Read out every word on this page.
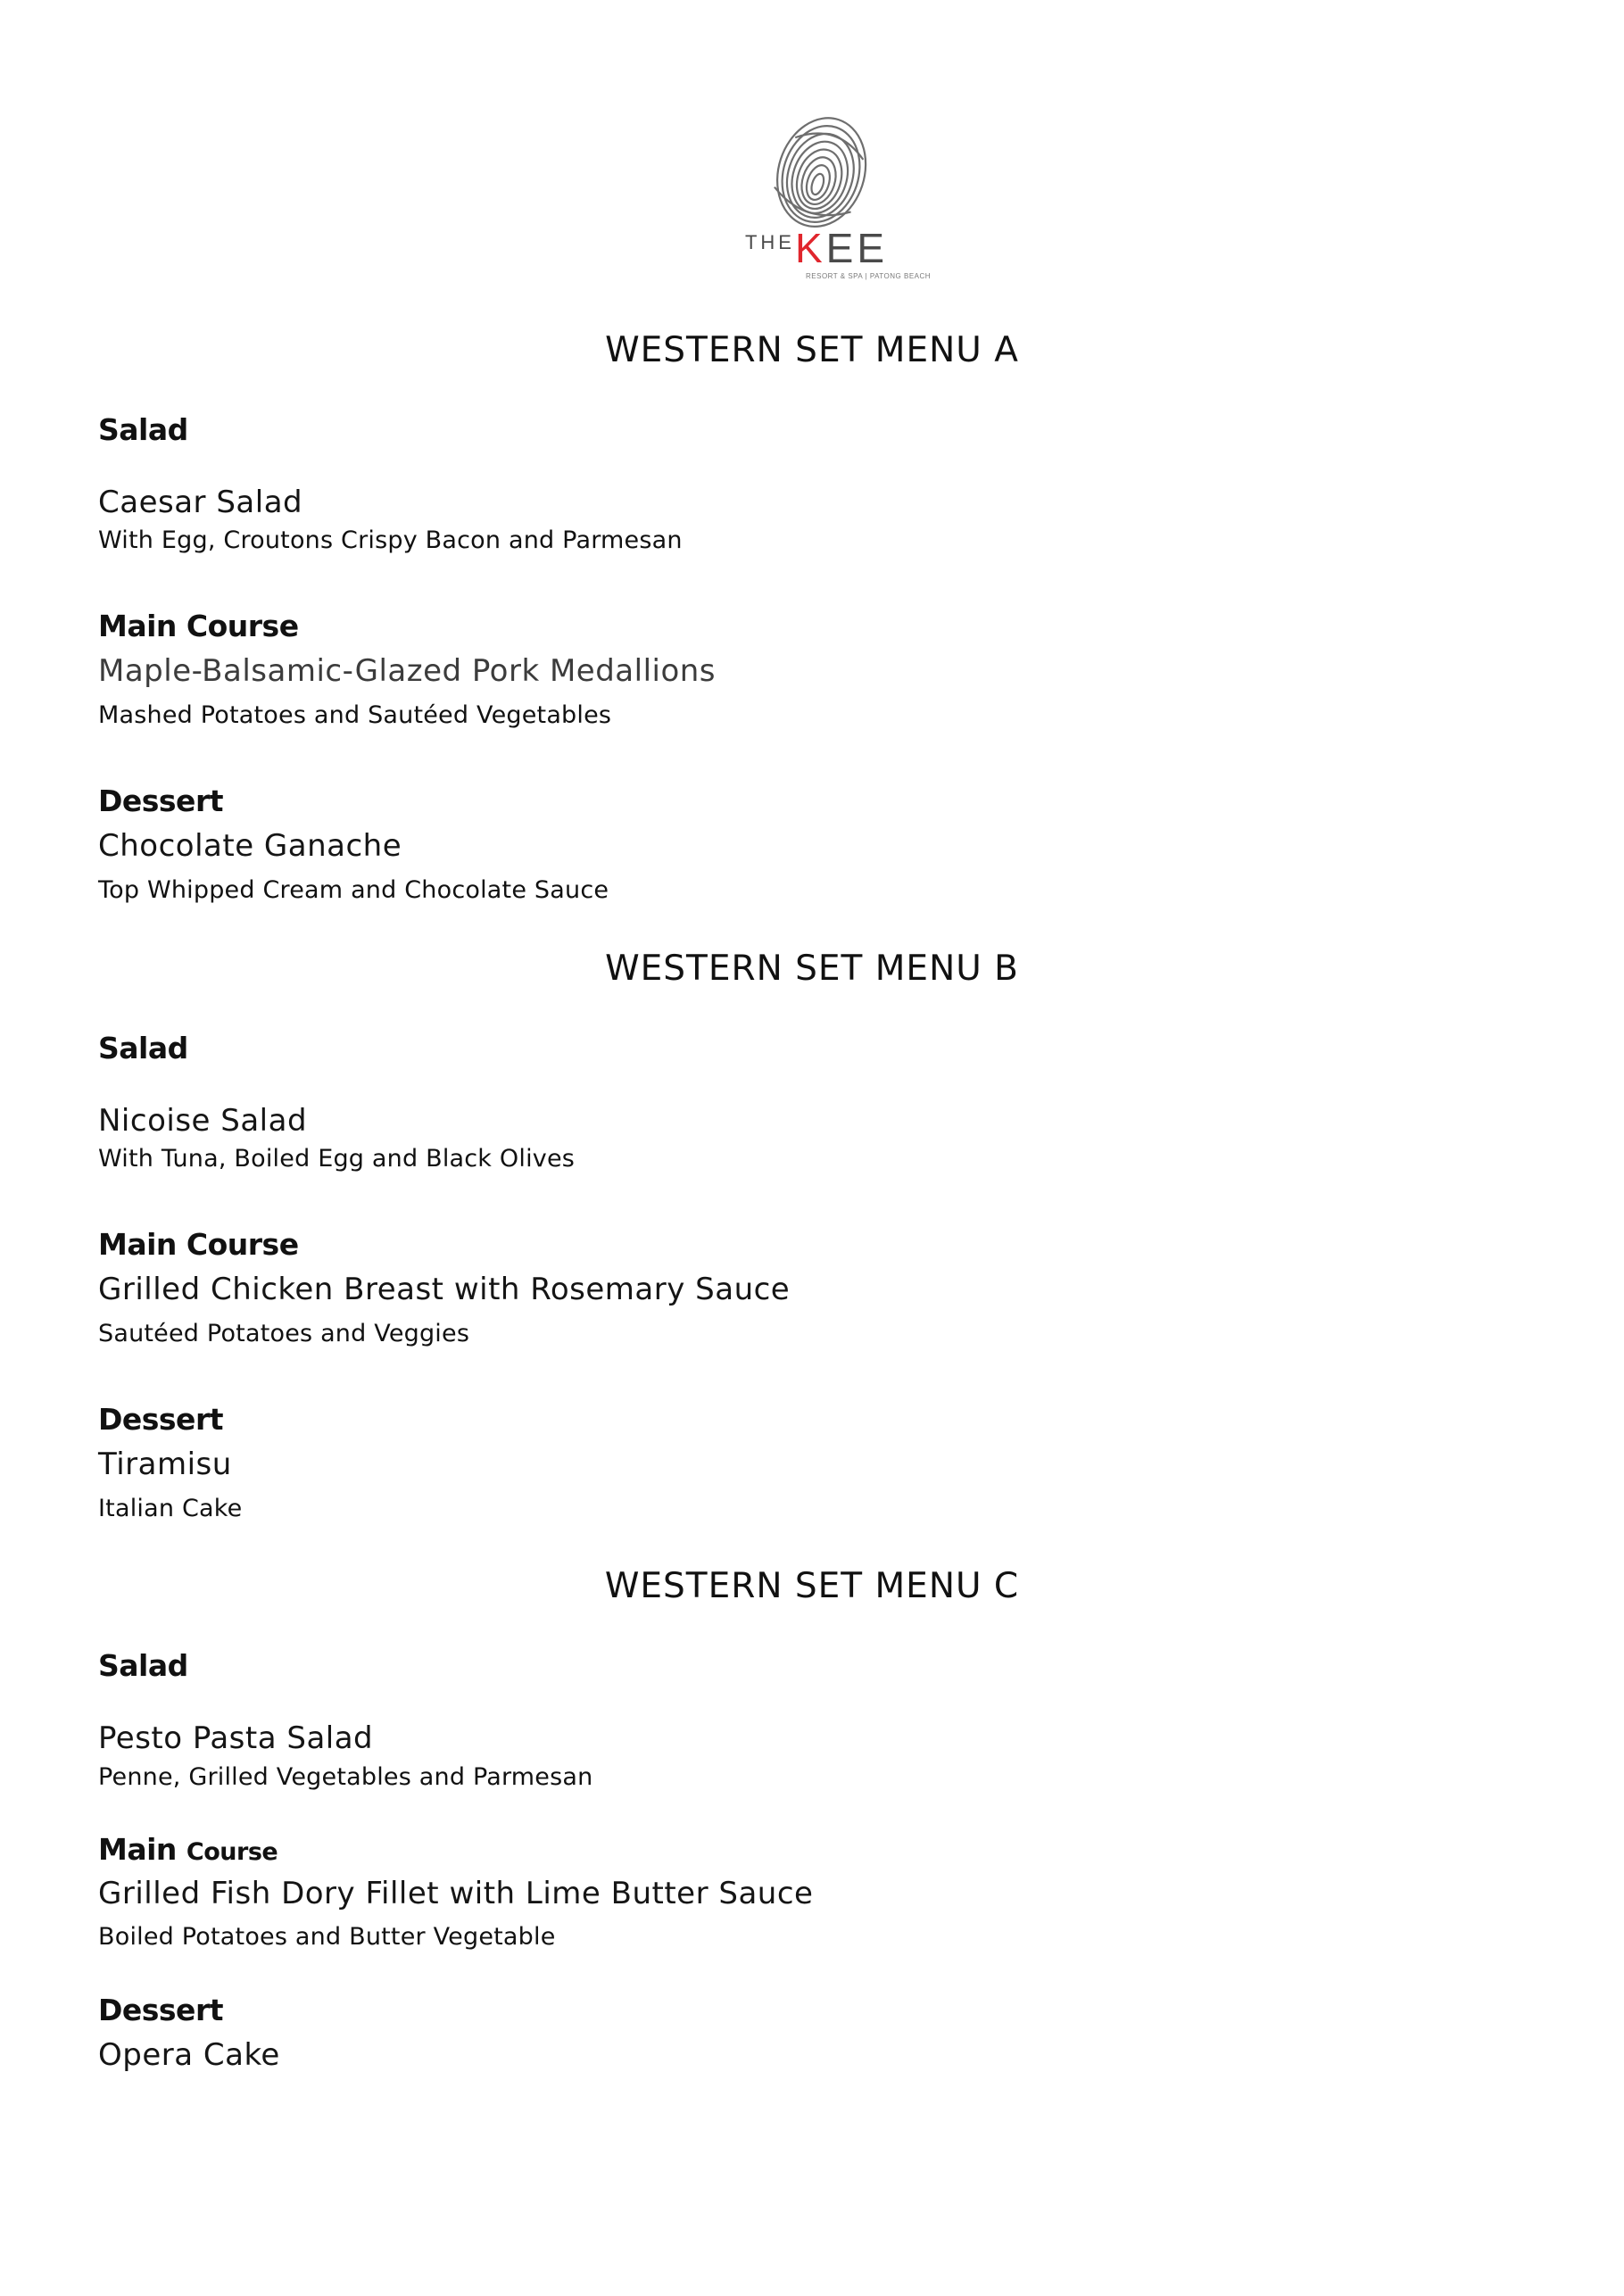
THEKEE
RESORT & SPA | PATONG BEACH
WESTERN SET MENU A

Salad

Caesar Salad

With Egg, Croutons Crispy Bacon and Parmesan

Main Course

Maple-Balsamic-Glazed Pork Medallions

Mashed Potatoes and Sautéed Vegetables

Dessert

Chocolate Ganache

Top Whipped Cream and Chocolate Sauce

WESTERN SET MENU B

Salad

Nicoise Salad

With Tuna, Boiled Egg and Black Olives

Main Course

Grilled Chicken Breast with Rosemary Sauce

Sautéed Potatoes and Veggies

Dessert

Tiramisu

Italian Cake

WESTERN SET MENU C

Salad

Pesto Pasta Salad

Penne, Grilled Vegetables and Parmesan

Main Course

Grilled Fish Dory Fillet with Lime Butter Sauce

Boiled Potatoes and Butter Vegetable

Dessert

Opera Cake
